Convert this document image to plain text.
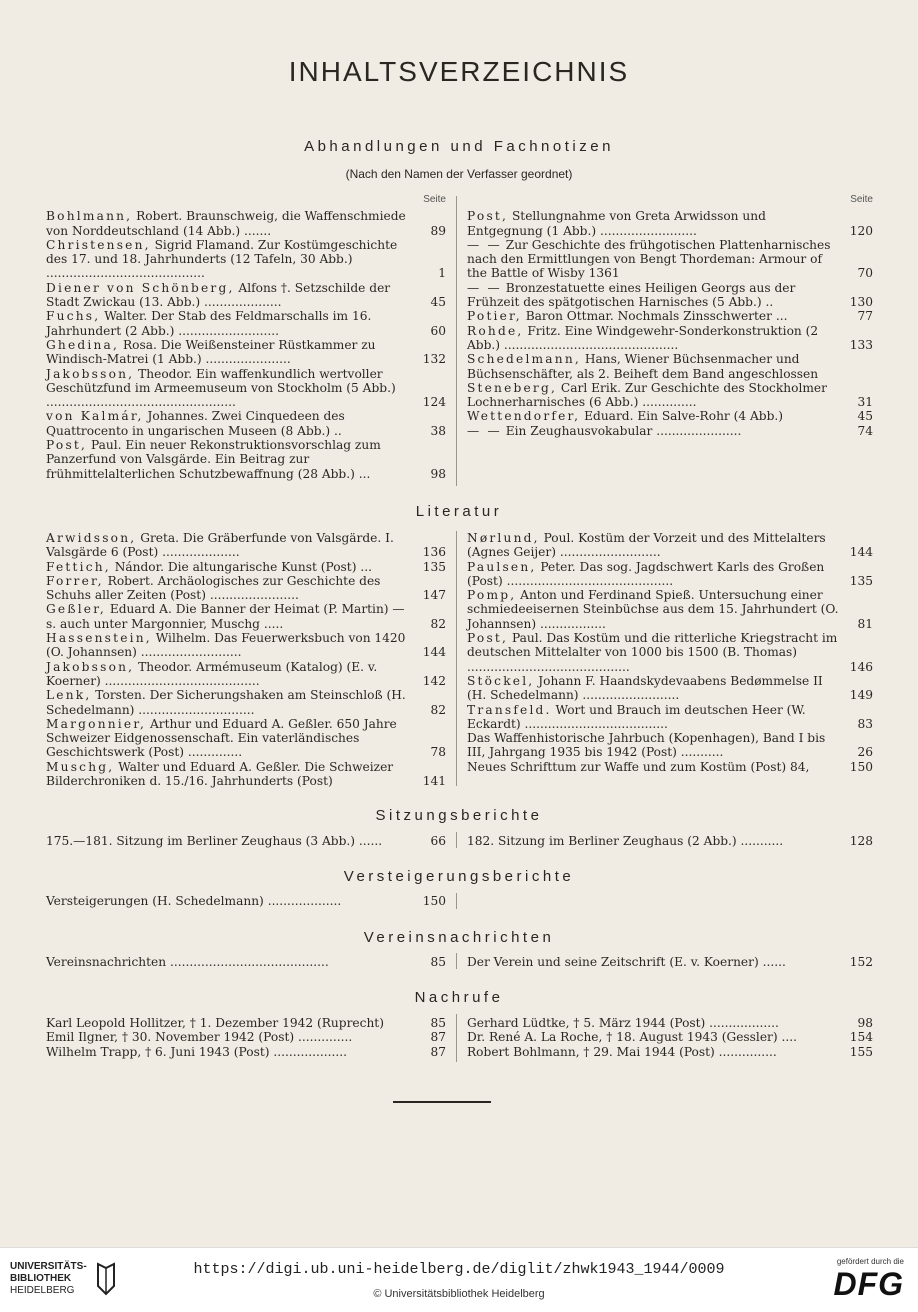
INHALTSVERZEICHNIS
Abhandlungen und Fachnotizen
(Nach den Namen der Verfasser geordnet)
Seite
Bohlmann, Robert. Braunschweig, die Waffenschmiede von Norddeutschland (14 Abb.) .......	89
Christensen, Sigrid Flamand. Zur Kostümgeschichte des 17. und 18. Jahrhunderts (12 Tafeln, 30 Abb.) .........................................	1
Diener von Schönberg, Alfons †. Setzschilde der Stadt Zwickau (13. Abb.) ....................	45
Fuchs, Walter. Der Stab des Feldmarschalls im 16. Jahrhundert (2 Abb.) ..........................	60
Ghedina, Rosa. Die Weißensteiner Rüstkammer zu Windisch-Matrei (1 Abb.) ......................	132
Jakobsson, Theodor. Ein waffenkundlich wertvoller Geschützfund im Armeemuseum von Stockholm (5 Abb.) .................................................	124
von Kalmár, Johannes. Zwei Cinquedeen des Quattrocento in ungarischen Museen (8 Abb.) ..	38
Post, Paul. Ein neuer Rekonstruktionsvorschlag zum Panzerfund von Valsgärde. Ein Beitrag zur frühmittelalterlichen Schutzbewaffnung (28 Abb.) ...	98
Seite
Post, Stellungnahme von Greta Arwidsson und Entgegnung (1 Abb.) .........................	120
— — Zur Geschichte des frühgotischen Plattenharnisches nach den Ermittlungen von Bengt Thordeman: Armour of the Battle of Wisby 1361	70
— — Bronzestatuette eines Heiligen Georgs aus der Frühzeit des spätgotischen Harnisches (5 Abb.) ..	130
Potier, Baron Ottmar. Nochmals Zinsschwerter ...	77
Rohde, Fritz. Eine Windgewehr-Sonderkonstruktion (2 Abb.) .............................................	133
Schedelmann, Hans, Wiener Büchsenmacher und Büchsenschäfter, als 2. Beiheft dem Band angeschlossen
Steneberg, Carl Erik. Zur Geschichte des Stockholmer Lochnerharnisches (6 Abb.) ..............	31
Wettendorfer, Eduard. Ein Salve-Rohr (4 Abb.)	45
— — Ein Zeughausvokabular ......................	74
Literatur
Arwidsson, Greta. Die Gräberfunde von Valsgärde. I. Valsgärde 6 (Post) ....................	136
Fettich, Nándor. Die altungarische Kunst (Post) ...	135
Forrer, Robert. Archäologisches zur Geschichte des Schuhs aller Zeiten (Post) .......................	147
Geßler, Eduard A. Die Banner der Heimat (P. Martin) — s. auch unter Margonnier, Muschg .....	82
Hassenstein, Wilhelm. Das Feuerwerksbuch von 1420 (O. Johannsen) ..........................	144
Jakobsson, Theodor. Armémuseum (Katalog) (E. v. Koerner) ........................................	142
Lenk, Torsten. Der Sicherungshaken am Steinschloß (H. Schedelmann) ..............................	82
Margonnier, Arthur und Eduard A. Geßler. 650 Jahre Schweizer Eidgenossenschaft. Ein vaterländisches Geschichtswerk (Post) ..............	78
Muschg, Walter und Eduard A. Geßler. Die Schweizer Bilderchroniken d. 15./16. Jahrhunderts (Post)	141
Nørlund, Poul. Kostüm der Vorzeit und des Mittelalters (Agnes Geijer) ..........................	144
Paulsen, Peter. Das sog. Jagdschwert Karls des Großen (Post) ...........................................	135
Pomp, Anton und Ferdinand Spieß. Untersuchung einer schmiedeeisernen Steinbüchse aus dem 15. Jahrhundert (O. Johannsen) .................	81
Post, Paul. Das Kostüm und die ritterliche Kriegstracht im deutschen Mittelalter von 1000 bis 1500 (B. Thomas) ..........................................	146
Stöckel, Johann F. Haandskydevaabens Bedømmelse II (H. Schedelmann) .........................	149
Transfeld. Wort und Brauch im deutschen Heer (W. Eckardt) .....................................	83
Das Waffenhistorische Jahrbuch (Kopenhagen), Band I bis III, Jahrgang 1935 bis 1942 (Post) ...........	26
Neues Schrifttum zur Waffe und zum Kostüm (Post) 84,	150
Sitzungsberichte
175.—181. Sitzung im Berliner Zeughaus (3 Abb.) ......	66 182. Sitzung im Berliner Zeughaus (2 Abb.) ...........	128
Versteigerungsberichte
Versteigerungen (H. Schedelmann) ...................	150
Vereinsnachrichten
Vereinsnachrichten .........................................	85 Der Verein und seine Zeitschrift (E. v. Koerner) ......	152
Nachrufe
Karl Leopold Hollitzer, † 1. Dezember 1942 (Ruprecht)	85
Emil Ilgner, † 30. November 1942 (Post) ..............	87
Wilhelm Trapp, † 6. Juni 1943 (Post) ...................	87
Gerhard Lüdtke, † 5. März 1944 (Post) ..................	98
Dr. René A. La Roche, † 18. August 1943 (Gessler) ....	154
Robert Bohlmann, † 29. Mai 1944 (Post) ...............	155
UNIVERSITÄTS-
BIBLIOTHEK
HEIDELBERG
https://digi.ub.uni-heidelberg.de/diglit/zhwk1943_1944/0009
© Universitätsbibliothek Heidelberg
gefördert durch die
DFG
